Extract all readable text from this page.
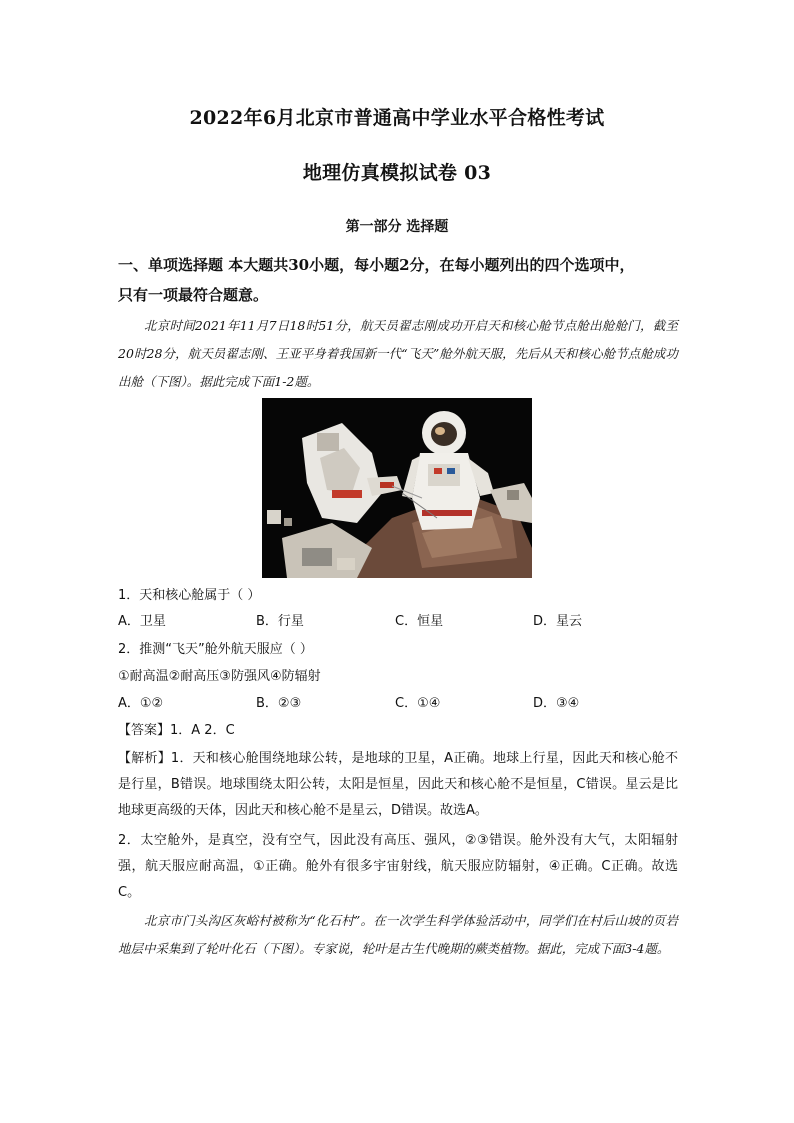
2022年6月北京市普通高中学业水平合格性考试
地理仿真模拟试卷 03
第一部分 选择题
一、单项选择题 本大题共30小题，每小题2分，在每小题列出的四个选项中，
只有一项最符合题意。
北京时间2021年11月7日18时51分，航天员翟志刚成功开启天和核心舱节点舱出舱舱门，截至20时28分，航天员翟志刚、王亚平身着我国新一代“飞天”舱外航天服，先后从天和核心舱节点舱成功出舱（下图）。据此完成下面1-2题。
1．天和核心舱属于（ ）
A．卫星	B．行星	C．恒星	D．星云
2．推测“飞天”舱外航天服应（ ）
①耐高温②耐高压③防强风④防辐射
A．①②	B．②③	C．①④	D．③④
【答案】1．A 2．C
【解析】1．天和核心舱围绕地球公转，是地球的卫星，A正确。地球上行星，因此天和核心舱不是行星，B错误。地球围绕太阳公转，太阳是恒星，因此天和核心舱不是恒星，C错误。星云是比地球更高级的天体，因此天和核心舱不是星云，D错误。故选A。
2．太空舱外，是真空，没有空气，因此没有高压、强风，②③错误。舱外没有大气，太阳辐射强，航天服应耐高温，①正确。舱外有很多宇宙射线，航天服应防辐射，④正确。C正确。故选C。
北京市门头沟区灰峪村被称为“化石村”。在一次学生科学体验活动中，同学们在村后山坡的页岩地层中采集到了轮叶化石（下图）。专家说，轮叶是古生代晚期的蕨类植物。据此，完成下面3-4题。
